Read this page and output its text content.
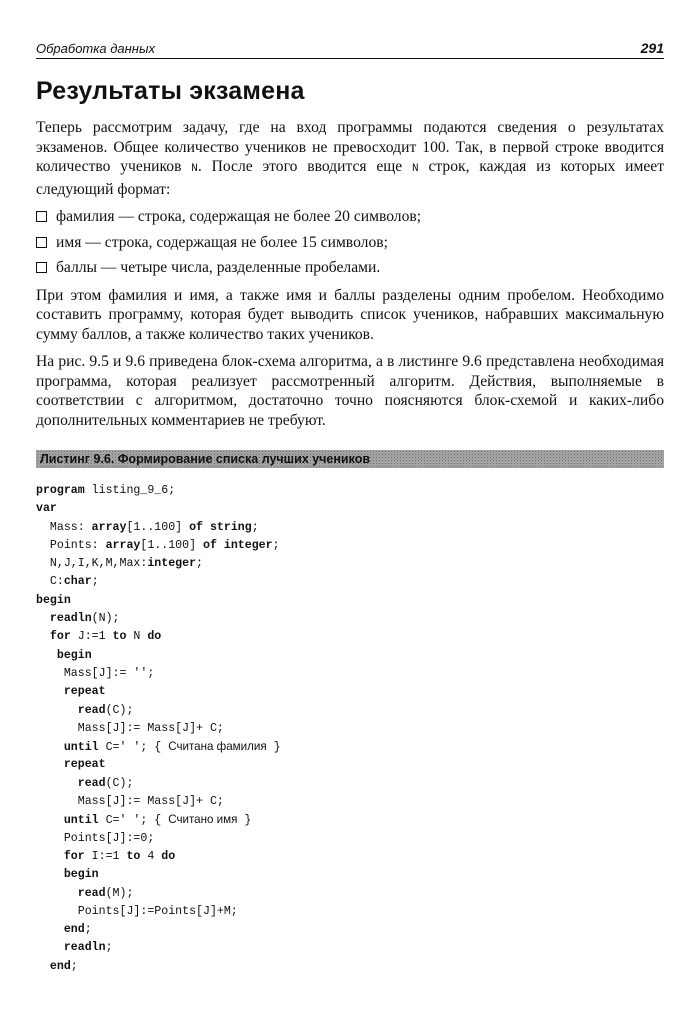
Обработка данных	291
Результаты экзамена

Теперь рассмотрим задачу, где на вход программы подаются сведения о результатах экзаменов. Общее количество учеников не превосходит 100. Так, в первой строке вводится количество учеников N. После этого вводится еще N строк, каждая из которых имеет следующий формат:

фамилия — строка, содержащая не более 20 символов;
имя — строка, содержащая не более 15 символов;
баллы — четыре числа, разделенные пробелами.

При этом фамилия и имя, а также имя и баллы разделены одним пробелом. Необходимо составить программу, которая будет выводить список учеников, набравших максимальную сумму баллов, а также количество таких учеников.

На рис. 9.5 и 9.6 приведена блок-схема алгоритма, а в листинге 9.6 представлена необходимая программа, которая реализует рассмотренный алгоритм. Действия, выполняемые в соответствии с алгоритмом, достаточно точно поясняются блок-схемой и каких-либо дополнительных комментариев не требуют.

Листинг 9.6. Формирование списка лучших учеников
program listing_9_6;
var
Mass: array[1..100] of string;
Points: array[1..100] of integer;
N,J,I,K,M,Max:integer;
C:char;
begin
readln(N);
for J:=1 to N do
begin
Mass[J]:= '';
repeat
read(C);
Mass[J]:= Mass[J]+ C;
until C=' '; { Считана фамилия }
repeat
read(C);
Mass[J]:= Mass[J]+ C;
until C=' '; { Считано имя }
Points[J]:=0;
for I:=1 to 4 do
begin
read(M);
Points[J]:=Points[J]+M;
end;
readln;
end;
